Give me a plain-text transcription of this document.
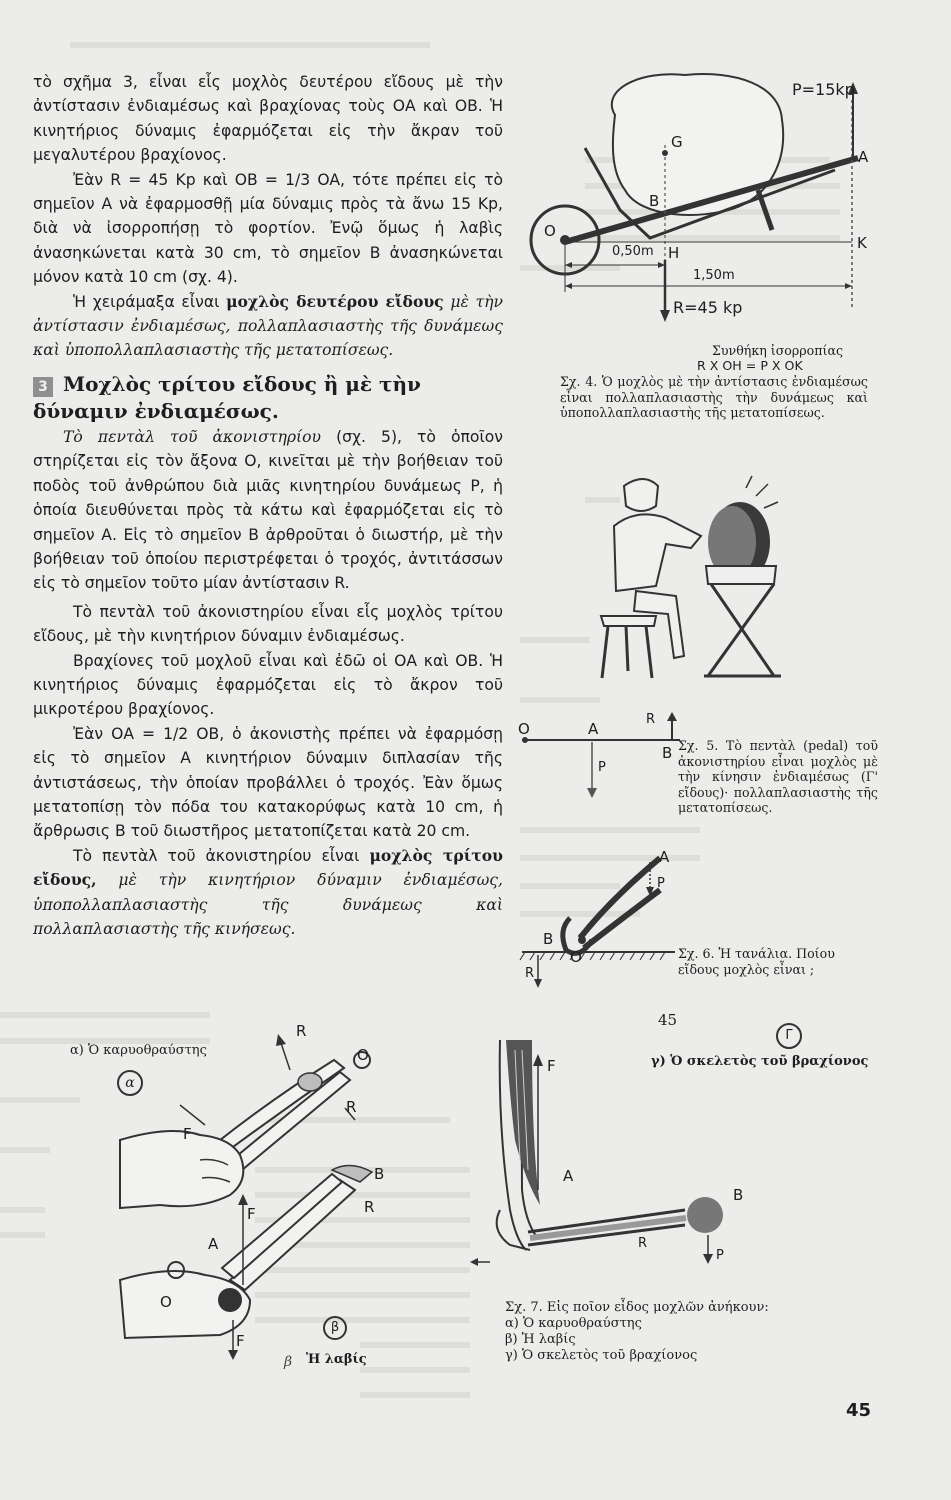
τὸ σχῆμα 3, εἶναι εἷς μοχλὸς δευτέρου εἴδους μὲ τὴν ἀντίστασιν ἐνδιαμέσως καὶ βραχίονας τοὺς ΟΑ καὶ ΟΒ. Ἡ κινητήριος δύναμις ἐφαρμόζεται εἰς τὴν ἄκραν τοῦ μεγαλυτέρου βραχίονος.

Ἐὰν R = 45 Kp καὶ OB = 1/3 OA, τότε πρέπει εἰς τὸ σημεῖον Α νὰ ἐφαρμοσθῇ μία δύναμις πρὸς τὰ ἄνω 15 Kp, διὰ νὰ ἰσορροπήσῃ τὸ φορτίον. Ἐνῷ ὅμως ἡ λαβὶς ἀνασηκώνεται κατὰ 30 cm, τὸ σημεῖον Β ἀνασηκώνεται μόνον κατὰ 10 cm (σχ. 4).

Ἡ χειράμαξα εἶναι μοχλὸς δευτέρου εἴδους μὲ τὴν ἀντίστασιν ἐνδιαμέσως, πολλαπλασιαστὴς τῆς δυνάμεως καὶ ὑποπολλαπλασιαστὴς τῆς μετατοπίσεως.

3 Μοχλὸς τρίτου εἴδους ἢ μὲ τὴν δύναμιν ἐνδιαμέσως.

Τὸ πεντὰλ τοῦ ἀκονιστηρίου (σχ. 5), τὸ ὁποῖον στηρίζεται εἰς τὸν ἄξονα Ο, κινεῖται μὲ τὴν βοήθειαν τοῦ ποδὸς τοῦ ἀνθρώπου διὰ μιᾶς κινητηρίου δυνάμεως Ρ, ἡ ὁποία διευθύνεται πρὸς τὰ κάτω καὶ ἐφαρμόζεται εἰς τὸ σημεῖον Α. Εἰς τὸ σημεῖον Β ἀρθροῦται ὁ διωστήρ, μὲ τὴν βοήθειαν τοῦ ὁποίου περιστρέφεται ὁ τροχός, ἀντιτάσσων εἰς τὸ σημεῖον τοῦτο μίαν ἀντίστασιν R.

Τὸ πεντὰλ τοῦ ἀκονιστηρίου εἶναι εἷς μοχλὸς τρίτου εἴδους, μὲ τὴν κινητήριον δύναμιν ἐνδιαμέσως.

Βραχίονες τοῦ μοχλοῦ εἶναι καὶ ἐδῶ οἱ ΟΑ καὶ ΟΒ. Ἡ κινητήριος δύναμις ἐφαρμόζεται εἰς τὸ ἄκρον τοῦ μικροτέρου βραχίονος.

Ἐὰν ΟΑ = 1/2 ΟΒ, ὁ ἀκονιστὴς πρέπει νὰ ἐφαρμόσῃ εἰς τὸ σημεῖον Α κινητήριον δύναμιν διπλασίαν τῆς ἀντιστάσεως, τὴν ὁποίαν προβάλλει ὁ τροχός. Ἐὰν ὅμως μετατοπίσῃ τὸν πόδα του κατακορύφως κατὰ 10 cm, ἡ ἄρθρωσις Β τοῦ διωστῆρος μετατοπίζεται κατὰ 20 cm.

Τὸ πεντὰλ τοῦ ἀκονιστηρίου εἶναι μοχλὸς τρίτου εἴδους, μὲ τὴν κινητήριον δύναμιν ἐνδιαμέσως, ὑποπολλαπλασιαστὴς τῆς δυνάμεως καὶ πολλαπλασιαστὴς τῆς κινήσεως.

P=15kp
G
A
B
O
H
K
0,50m
1,50m
R=45 kp
Συνθήκη ἰσορροπίας
R X OH = P X OK
Σχ. 4. Ὁ μοχλὸς μὲ τὴν ἀντίστασις ἐνδιαμέσως εἶναι πολλαπλασιαστὴς τὴν δυνάμεως καὶ ὑποπολλαπλασιαστὴς τῆς μετατοπίσεως.
O	A
B
R
P
Σχ. 5. Τὸ πεντὰλ (pedal) τοῦ ἀκονιστηρίου εἶναι μοχλὸς μὲ τὴν κίνησιν ἐνδιαμέσως (Γ' εἴδους)· πολλαπλασιαστὴς τῆς μετατοπίσεως.
A
P
B
O
R
Σχ. 6. Ἡ τανάλια. Ποίου εἴδους μοχλὸς εἶναι ;
45
α) Ὁ καρυοθραύστης
α
R
O
F
R
B
R
F
A
O
F
β
β Ἡ λαβίς
Γ
γ) Ὁ σκελετὸς τοῦ βραχίονος
F
A
B
R
P
Σχ. 7. Εἰς ποῖον εἶδος μοχλῶν ἀνήκουν:
α) Ὁ καρυοθραύστης
β) Ἡ λαβίς
γ) Ὁ σκελετὸς τοῦ βραχίονος
45
